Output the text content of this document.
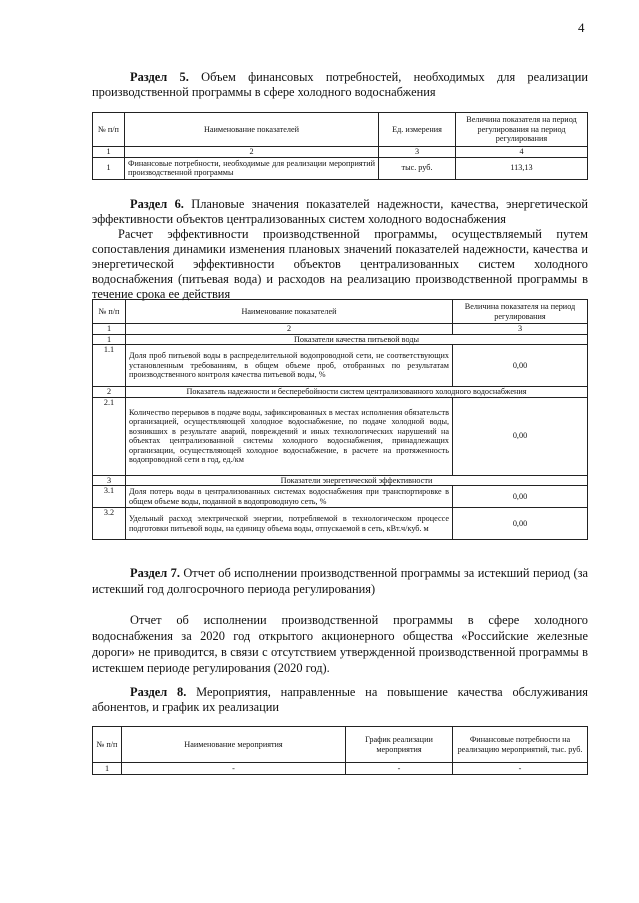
4
Раздел 5. Объем финансовых потребностей, необходимых для реализации производственной программы в сфере холодного водоснабжения
№ п/п	Наименование показателей	Ед. измерения	Величина показателя на период регулирования на период регулирования
1	2	3	4
1	Финансовые потребности, необходимые для реализации мероприятий производственной программы	тыс. руб.	113,13
Раздел 6. Плановые значения показателей надежности, качества, энергетической эффективности объектов централизованных систем холодного водоснабжения
Расчет эффективности производственной программы, осуществляемый путем сопоставления динамики изменения плановых значений показателей надежности, качества и энергетической эффективности объектов централизованных систем холодного водоснабжения (питьевая вода) и расходов на реализацию производственной программы в течение срока ее действия
№ п/п	Наименование показателей	Величина показателя на период регулирования
1	2	3
1	Показатели качества питьевой воды	
1.1	Доля проб питьевой воды в распределительной водопроводной сети, не соответствующих установленным требованиям, в общем объеме проб, отобранных по результатам производственного контроля качества питьевой воды, %	0,00
2	Показатель надежности и бесперебойности систем централизованного холодного водоснабжения	
2.1	Количество перерывов в подаче воды, зафиксированных в местах исполнения обязательств организацией, осуществляющей холодное водоснабжение, по подаче холодной воды, возникших в результате аварий, повреждений и иных технологических нарушений на объектах централизованной системы холодного водоснабжения, принадлежащих организации, осуществляющей холодное водоснабжение, в расчете на протяженность водопроводной сети в год, ед./км	0,00
3	Показатели энергетической эффективности	
3.1	Доля потерь воды в централизованных системах водоснабжения при транспортировке в общем объеме воды, поданной в водопроводную сеть, %	0,00
3.2	Удельный расход электрической энергии, потребляемой в технологическом процессе подготовки питьевой воды, на единицу объема воды, отпускаемой в сеть, кВт.ч/куб. м	0,00
Раздел 7. Отчет об исполнении производственной программы за истекший период (за истекший год долгосрочного периода регулирования)
Отчет об исполнении производственной программы в сфере холодного водоснабжения за 2020 год открытого акционерного общества «Российские железные дороги» не приводится, в связи с отсутствием утвержденной производственной программы в истекшем периоде регулирования (2020 год).
Раздел 8. Мероприятия, направленные на повышение качества обслуживания абонентов, и график их реализации
№ п/п	Наименование мероприятия	График реализации мероприятия	Финансовые потребности на реализацию мероприятий, тыс. руб.
1	-	-	-
